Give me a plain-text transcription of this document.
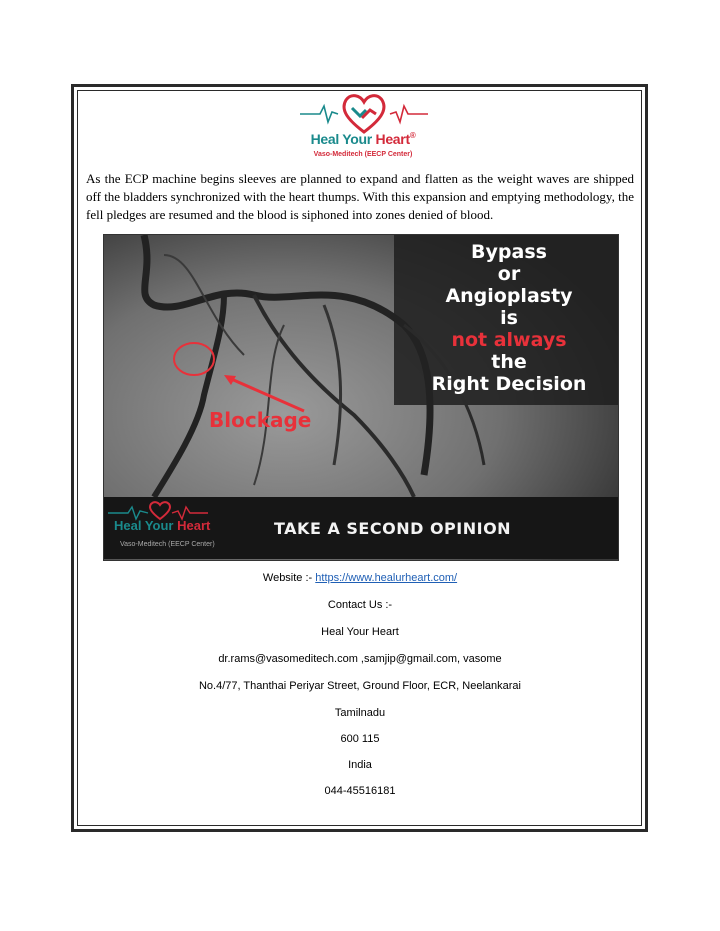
Heal Your Heart®
Vaso-Meditech (EECP Center)
As the ECP machine begins sleeves are planned to expand and flatten as the weight waves are shipped off the bladders synchronized with the heart thumps. With this expansion and emptying methodology, the fell pledges are resumed and the blood is siphoned into zones denied of blood.
Bypass
or
Angioplasty
is
not always
the
Right Decision
Blockage
Heal Your Heart
Vaso-Meditech (EECP Center)
TAKE A SECOND OPINION
Website :- https://www.healurheart.com/
Contact Us :-
Heal Your Heart
dr.rams@vasomeditech.com ,samjip@gmail.com, vasome
No.4/77, Thanthai Periyar Street, Ground Floor, ECR, Neelankarai
Tamilnadu
600 115
India
044-45516181
